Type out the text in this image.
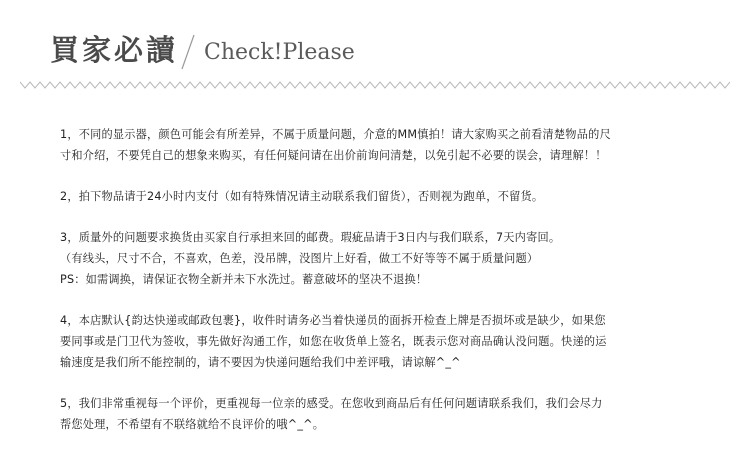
買家必讀 Check!Please

1，不同的显示器，颜色可能会有所差异，不属于质量问题，介意的MM慎拍！请大家购买之前看清楚物品的尺

寸和介绍，不要凭自己的想象来购买，有任何疑问请在出价前询问清楚，以免引起不必要的误会，请理解！！

2，拍下物品请于24小时内支付（如有特殊情况请主动联系我们留货），否则视为跑单，不留货。

3，质量外的问题要求换货由买家自行承担来回的邮费。瑕疵品请于3日内与我们联系，7天内寄回。

（有线头，尺寸不合，不喜欢，色差，没吊牌，没图片上好看，做工不好等等不属于质量问题）

PS：如需调换，请保证衣物全新并未下水洗过。蓄意破坏的坚决不退换！

4，本店默认{韵达快递或邮政包裹}，收件时请务必当着快递员的面拆开检查上牌是否损坏或是缺少，如果您

要同事或是门卫代为签收，事先做好沟通工作，如您在收货单上签名，既表示您对商品确认没问题。快递的运

输速度是我们所不能控制的，请不要因为快递问题给我们中差评哦，请谅解^_^

5，我们非常重视每一个评价，更重视每一位亲的感受。在您收到商品后有任何问题请联系我们，我们会尽力

帮您处理，不希望有不联络就给不良评价的哦^_^。
